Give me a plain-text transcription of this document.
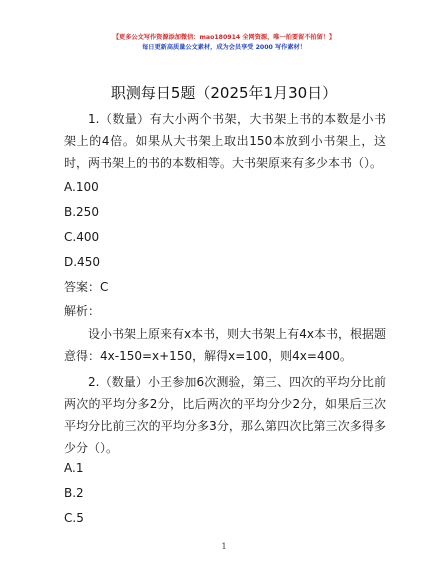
【更多公文写作资源添加微信：mao180914 全网资源，唯一拍要留不拍留！】
每日更新高质量公文素材，成为会员享受 2000 写作素材！
职测每日5题（2025年1月30日）

1.（数量）有大小两个书架，大书架上书的本数是小书架上的4倍。如果从大书架上取出150本放到小书架上，这时，两书架上的书的本数相等。大书架原来有多少本书（）。

A.100

B.250

C.400

D.450

答案：C

解析：

设小书架上原来有x本书，则大书架上有4x本书，根据题意得：4x-150=x+150，解得x=100，则4x=400。

2.（数量）小王参加6次测验，第三、四次的平均分比前两次的平均分多2分，比后两次的平均分少2分，如果后三次平均分比前三次的平均分多3分，那么第四次比第三次多得多少分（）。

A.1

B.2

C.5

1
